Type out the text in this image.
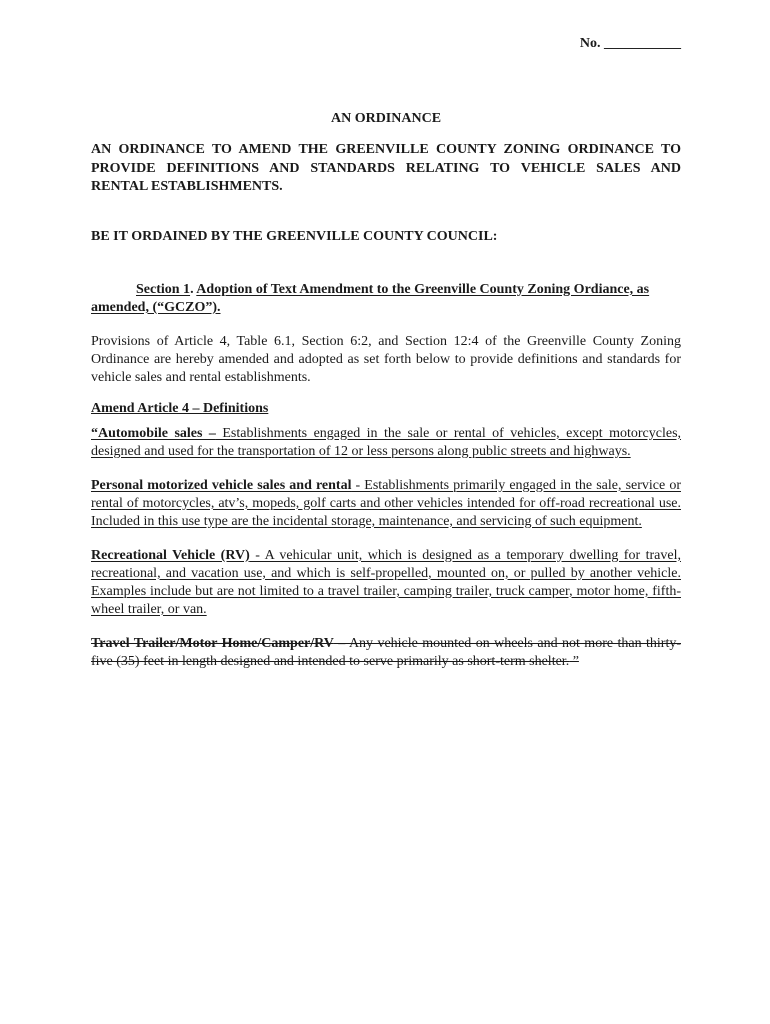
No. ___________
AN ORDINANCE
AN ORDINANCE TO AMEND THE GREENVILLE COUNTY ZONING ORDINANCE TO PROVIDE DEFINITIONS AND STANDARDS RELATING TO VEHICLE SALES AND RENTAL ESTABLISHMENTS.
BE IT ORDAINED BY THE GREENVILLE COUNTY COUNCIL:
Section 1. Adoption of Text Amendment to the Greenville County Zoning Ordiance, as amended, (“GCZO”).
Provisions of Article 4, Table 6.1, Section 6:2, and Section 12:4 of the Greenville County Zoning Ordinance are hereby amended and adopted as set forth below to provide definitions and standards for vehicle sales and rental establishments.
Amend Article 4 – Definitions
“Automobile sales – Establishments engaged in the sale or rental of vehicles, except motorcycles, designed and used for the transportation of 12 or less persons along public streets and highways.
Personal motorized vehicle sales and rental - Establishments primarily engaged in the sale, service or rental of motorcycles, atv’s, mopeds, golf carts and other vehicles intended for off-road recreational use. Included in this use type are the incidental storage, maintenance, and servicing of such equipment.
Recreational Vehicle (RV) - A vehicular unit, which is designed as a temporary dwelling for travel, recreational, and vacation use, and which is self-propelled, mounted on, or pulled by another vehicle. Examples include but are not limited to a travel trailer, camping trailer, truck camper, motor home, fifth-wheel trailer, or van.
Travel Trailer/Motor Home/Camper/RV – Any vehicle mounted on wheels and not more than thirty-five (35) feet in length designed and intended to serve primarily as short-term shelter. ”
